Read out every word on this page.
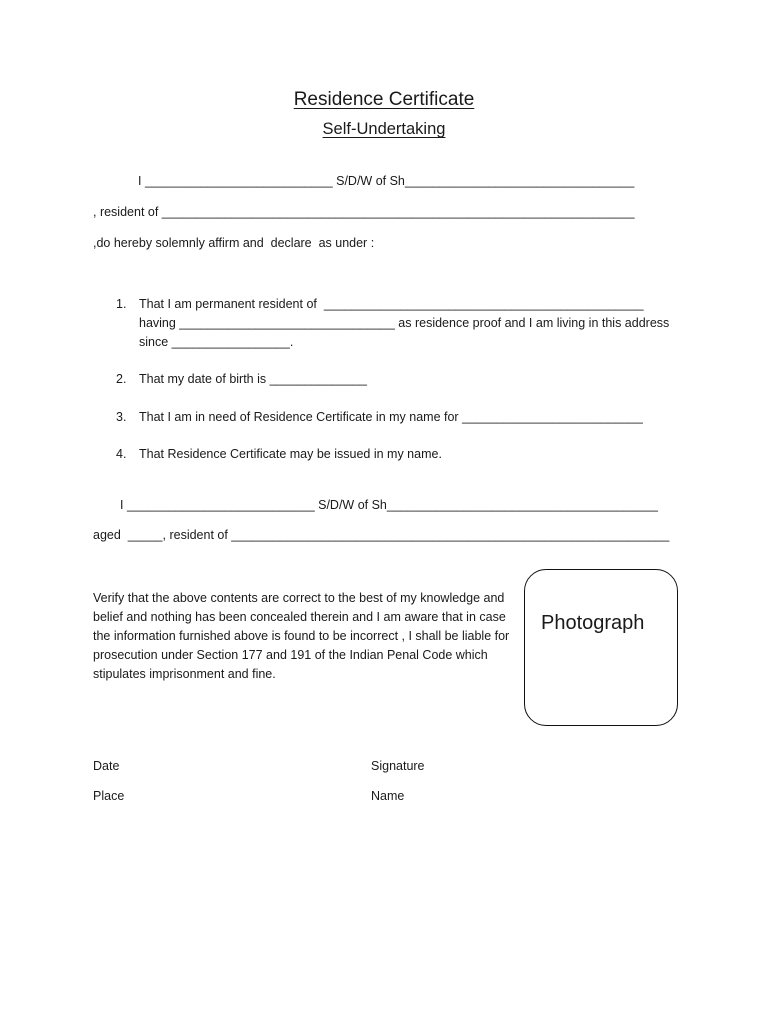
Residence Certificate
Self-Undertaking
I ___________________________ S/D/W of Sh_________________________________
, resident of ____________________________________________________________________
,do hereby solemnly affirm and  declare  as under :
1. That I am permanent resident of  ______________________________________________
having _______________________________ as residence proof and I am living in this address
since _________________.
2. That my date of birth is ______________
3. That I am in need of Residence Certificate in my name for __________________________
4. That Residence Certificate may be issued in my name.
I ___________________________ S/D/W of Sh_______________________________________
aged  _____, resident of _______________________________________________________________
Verify that the above contents are correct to the best of my knowledge and belief and nothing has been concealed therein and I am aware that in case the information furnished above is found to be incorrect , I shall be liable for prosecution under Section 177 and 191 of the Indian Penal Code which stipulates imprisonment and fine.
Photograph
Date
Place
Signature
Name
